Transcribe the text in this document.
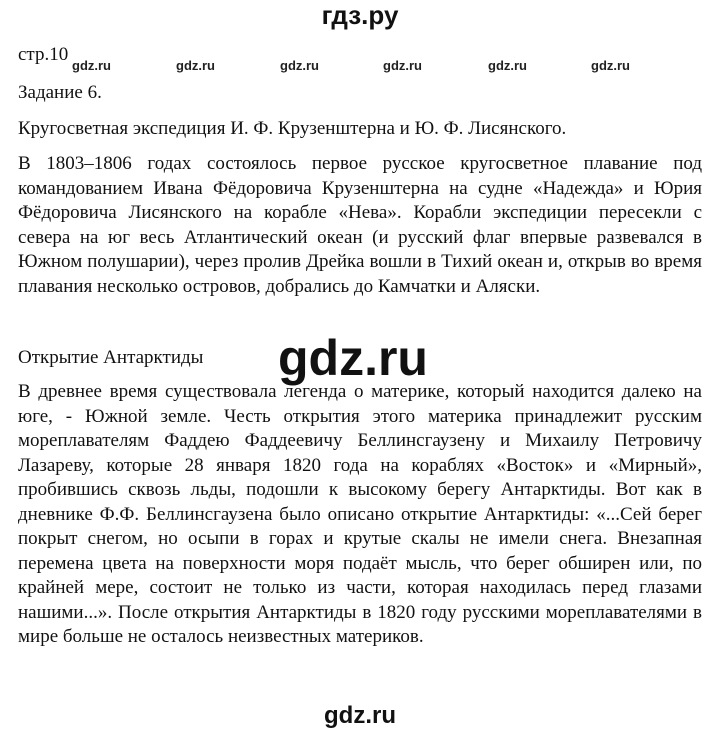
гдз.ру
стр.10
gdz.ru	gdz.ru	gdz.ru	gdz.ru	gdz.ru	gdz.ru
Задание 6.
Кругосветная экспедиция И. Ф. Крузенштерна и Ю. Ф. Лисянского.
В 1803–1806 годах состоялось первое русское кругосветное плавание под командованием Ивана Фёдоровича Крузенштерна на судне «Надежда» и Юрия Фёдоровича Лисянского на корабле «Нева». Корабли экспедиции пересекли с севера на юг весь Атлантический океан (и русский флаг впервые развевался в Южном полушарии), через пролив Дрейка вошли в Тихий океан и, открыв во время плавания несколько островов, добрались до Камчатки и Аляски.
Открытие Антарктиды gdz.ru
В древнее время существовала легенда о материке, который находится далеко на юге, - Южной земле. Честь открытия этого материка принадлежит русским мореплавателям Фаддею Фаддеевичу Беллинсгаузену и Михаилу Петровичу Лазареву, которые 28 января 1820 года на кораблях «Восток» и «Мирный», пробившись сквозь льды, подошли к высокому берегу Антарктиды. Вот как в дневнике Ф.Ф. Беллинсгаузена было описано открытие Антарктиды: «...Сей берег покрыт снегом, но осыпи в горах и крутые скалы не имели снега. Внезапная перемена цвета на поверхности моря подаёт мысль, что берег обширен или, по крайней мере, состоит не только из части, которая находилась перед глазами нашими...». После открытия Антарктиды в 1820 году русскими мореплавателями в мире больше не осталось неизвестных материков.
gdz.ru
